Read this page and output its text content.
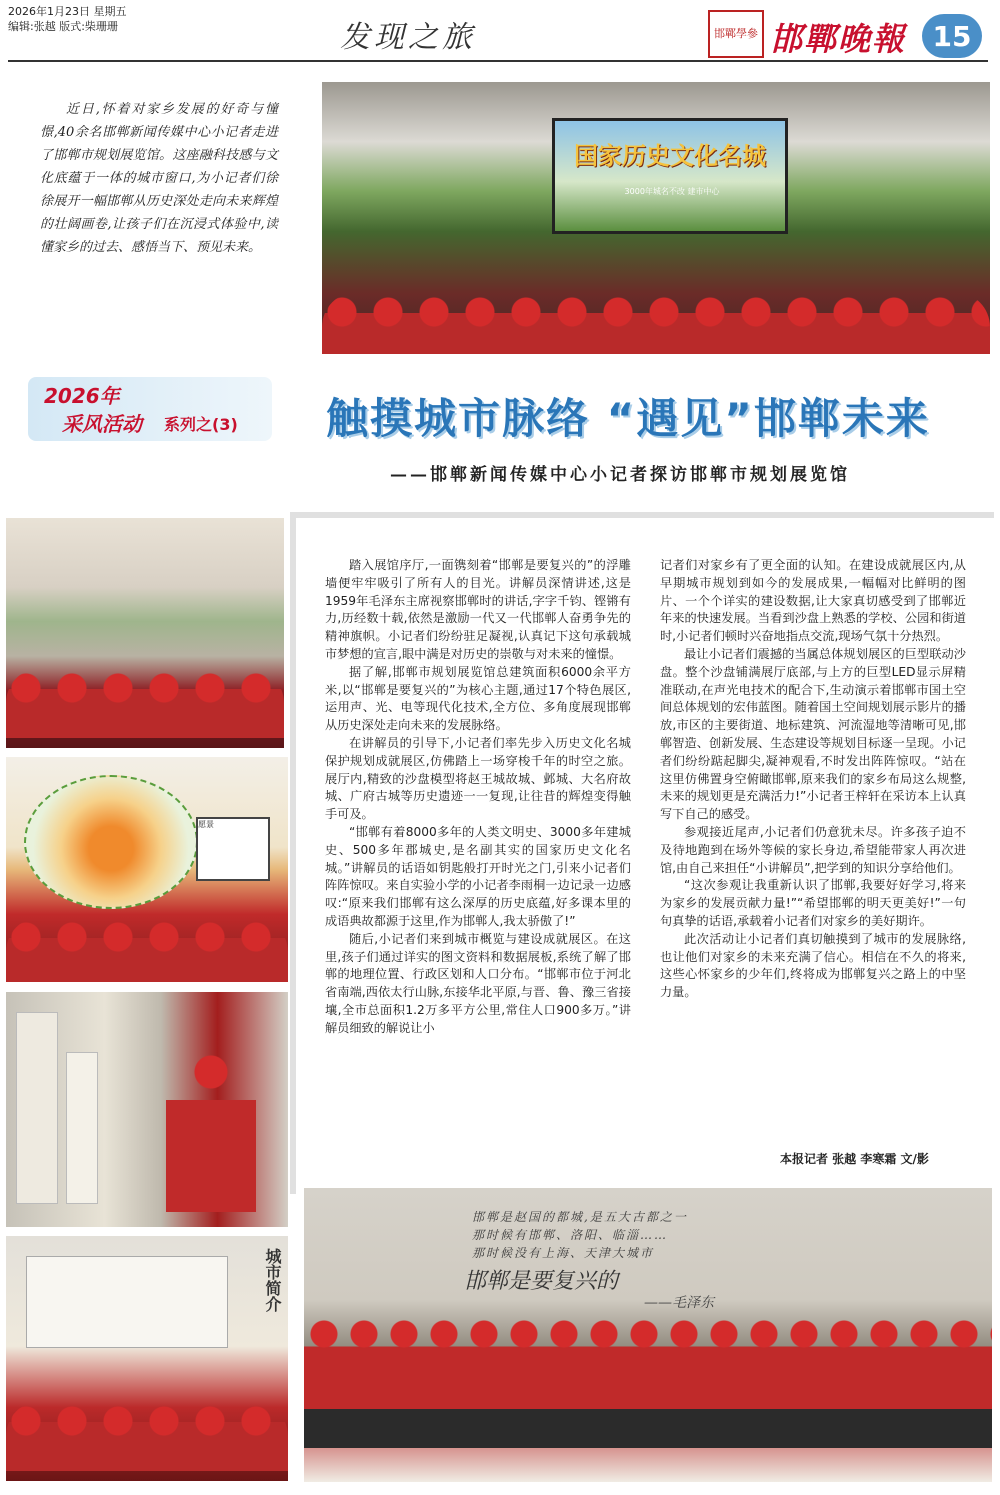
2026年1月23日 星期五
编辑:张越 版式:柴珊珊	发现之旅	邯 鄲 學 參 邯鄲晚報 15
近日,怀着对家乡发展的好奇与憧憬,40余名邯郸新闻传媒中心小记者走进了邯郸市规划展览馆。这座融科技感与文化底蕴于一体的城市窗口,为小记者们徐徐展开一幅邯郸从历史深处走向未来辉煌的壮阔画卷,让孩子们在沉浸式体验中,读懂家乡的过去、感悟当下、预见未来。
国家历史文化名城
3000年城名不改 建市中心
2026年
采风活动 系列之(3) 触摸城市脉络 “遇见”邯郸未来
——邯郸新闻传媒中心小记者探访邯郸市规划展览馆

踏入展馆序厅,一面镌刻着“邯郸是要复兴的”的浮雕墙便牢牢吸引了所有人的目光。讲解员深情讲述,这是1959年毛泽东主席视察邯郸时的讲话,字字千钧、铿锵有力,历经数十载,依然是激励一代又一代邯郸人奋勇争先的精神旗帜。小记者们纷纷驻足凝视,认真记下这句承载城市梦想的宣言,眼中满是对历史的崇敬与对未来的憧憬。

据了解,邯郸市规划展览馆总建筑面积6000余平方米,以“邯郸是要复兴的”为核心主题,通过17个特色展区,运用声、光、电等现代化技术,全方位、多角度展现邯郸从历史深处走向未来的发展脉络。

在讲解员的引导下,小记者们率先步入历史文化名城保护规划成就展区,仿佛踏上一场穿梭千年的时空之旅。展厅内,精致的沙盘模型将赵王城故城、邺城、大名府故城、广府古城等历史遗迹一一复现,让往昔的辉煌变得触手可及。

“邯郸有着8000多年的人类文明史、3000多年建城史、500多年郡城史,是名副其实的国家历史文化名城。”讲解员的话语如钥匙般打开时光之门,引来小记者们阵阵惊叹。来自实验小学的小记者李雨桐一边记录一边感叹:“原来我们邯郸有这么深厚的历史底蕴,好多课本里的成语典故都源于这里,作为邯郸人,我太骄傲了!”

随后,小记者们来到城市概览与建设成就展区。在这里,孩子们通过详实的图文资料和数据展板,系统了解了邯郸的地理位置、行政区划和人口分布。“邯郸市位于河北省南端,西依太行山脉,东接华北平原,与晋、鲁、豫三省接壤,全市总面积1.2万多平方公里,常住人口900多万。”讲解员细致的解说让小

记者们对家乡有了更全面的认知。在建设成就展区内,从早期城市规划到如今的发展成果,一幅幅对比鲜明的图片、一个个详实的建设数据,让大家真切感受到了邯郸近年来的快速发展。当看到沙盘上熟悉的学校、公园和街道时,小记者们顿时兴奋地指点交流,现场气氛十分热烈。

最让小记者们震撼的当属总体规划展区的巨型联动沙盘。整个沙盘铺满展厅底部,与上方的巨型LED显示屏精准联动,在声光电技术的配合下,生动演示着邯郸市国土空间总体规划的宏伟蓝图。随着国土空间规划展示影片的播放,市区的主要街道、地标建筑、河流湿地等清晰可见,邯郸智造、创新发展、生态建设等规划目标逐一呈现。小记者们纷纷踮起脚尖,凝神观看,不时发出阵阵惊叹。“站在这里仿佛置身空俯瞰邯郸,原来我们的家乡布局这么规整,未来的规划更是充满活力!”小记者王梓轩在采访本上认真写下自己的感受。

参观接近尾声,小记者们仍意犹未尽。许多孩子迫不及待地跑到在场外等候的家长身边,希望能带家人再次进馆,由自己来担任“小讲解员”,把学到的知识分享给他们。

“这次参观让我重新认识了邯郸,我要好好学习,将来为家乡的发展贡献力量!”“希望邯郸的明天更美好!”一句句真挚的话语,承载着小记者们对家乡的美好期许。

此次活动让小记者们真切触摸到了城市的发展脉络,也让他们对家乡的未来充满了信心。相信在不久的将来,这些心怀家乡的少年们,终将成为邯郸复兴之路上的中坚力量。

本报记者 张越 李寒霜 文/影
愿景
城市简介
邯郸是赵国的都城,是五大古都之一
那时候有邯郸、洛阳、临淄……
那时候没有上海、天津大城市
邯郸是要复兴的
——毛泽东
